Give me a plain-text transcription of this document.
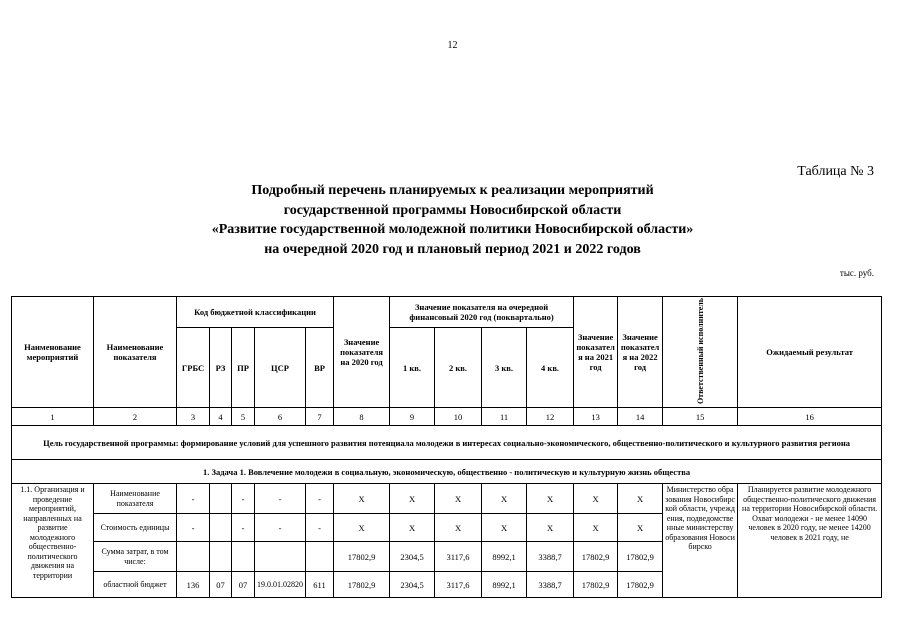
12
Таблица № 3
Подробный перечень планируемых к реализации мероприятий
государственной программы Новосибирской области
«Развитие государственной молодежной политики Новосибирской области»
на очередной 2020 год и плановый период 2021 и 2022 годов
тыс. руб.
Наименование мероприятий	Наименование показателя	Код бюджетной классификации					Значение показателя на 2020 год	Значение показателя на очередной финансовый 2020 год (поквартально)				Значение показателя на 2021 год	Значение показателя на 2022 год	Ответственный исполнитель	Ожидаемый результат
		ГРБС	РЗ	ПР	ЦСР	ВР		1 кв.	2 кв.	3 кв.	4 кв.				
1	2	3	4	5	6	7	8	9	10	11	12	13	14	15	16
Цель государственной программы: формирование условий для успешного развития потенциала молодежи в интересах социально-экономического, общественно-политического и культурного развития региона															
1. Задача 1. Вовлечение молодежи в социальную, экономическую, общественно - политическую и культурную жизнь общества															
1.1. Организация и проведение мероприятий, направленных на развитие молодежного общественно-политического движения на территории	Наименование показателя	-		-	-	-	X	X	X	X	X	X	X	Министерство образования Новосибирской области, учреждения, подведомственные министерству образования Новосибирско	Планируется развитие молодежного общественно-политического движения на территории Новосибирской области. Охват молодежи - не менее 14090 человек в 2020 году, не менее 14200 человек в 2021 году, не
	Стоимость единицы	-		-	-	-	X	X	X	X	X	X	X		
	Сумма затрат, в том числе:						17802,9	2304,5	3117,6	8992,1	3388,7	17802,9	17802,9		
	областной бюджет	136	07	07	19.0.01.02820	611	17802,9	2304,5	3117,6	8992,1	3388,7	17802,9	17802,9		
